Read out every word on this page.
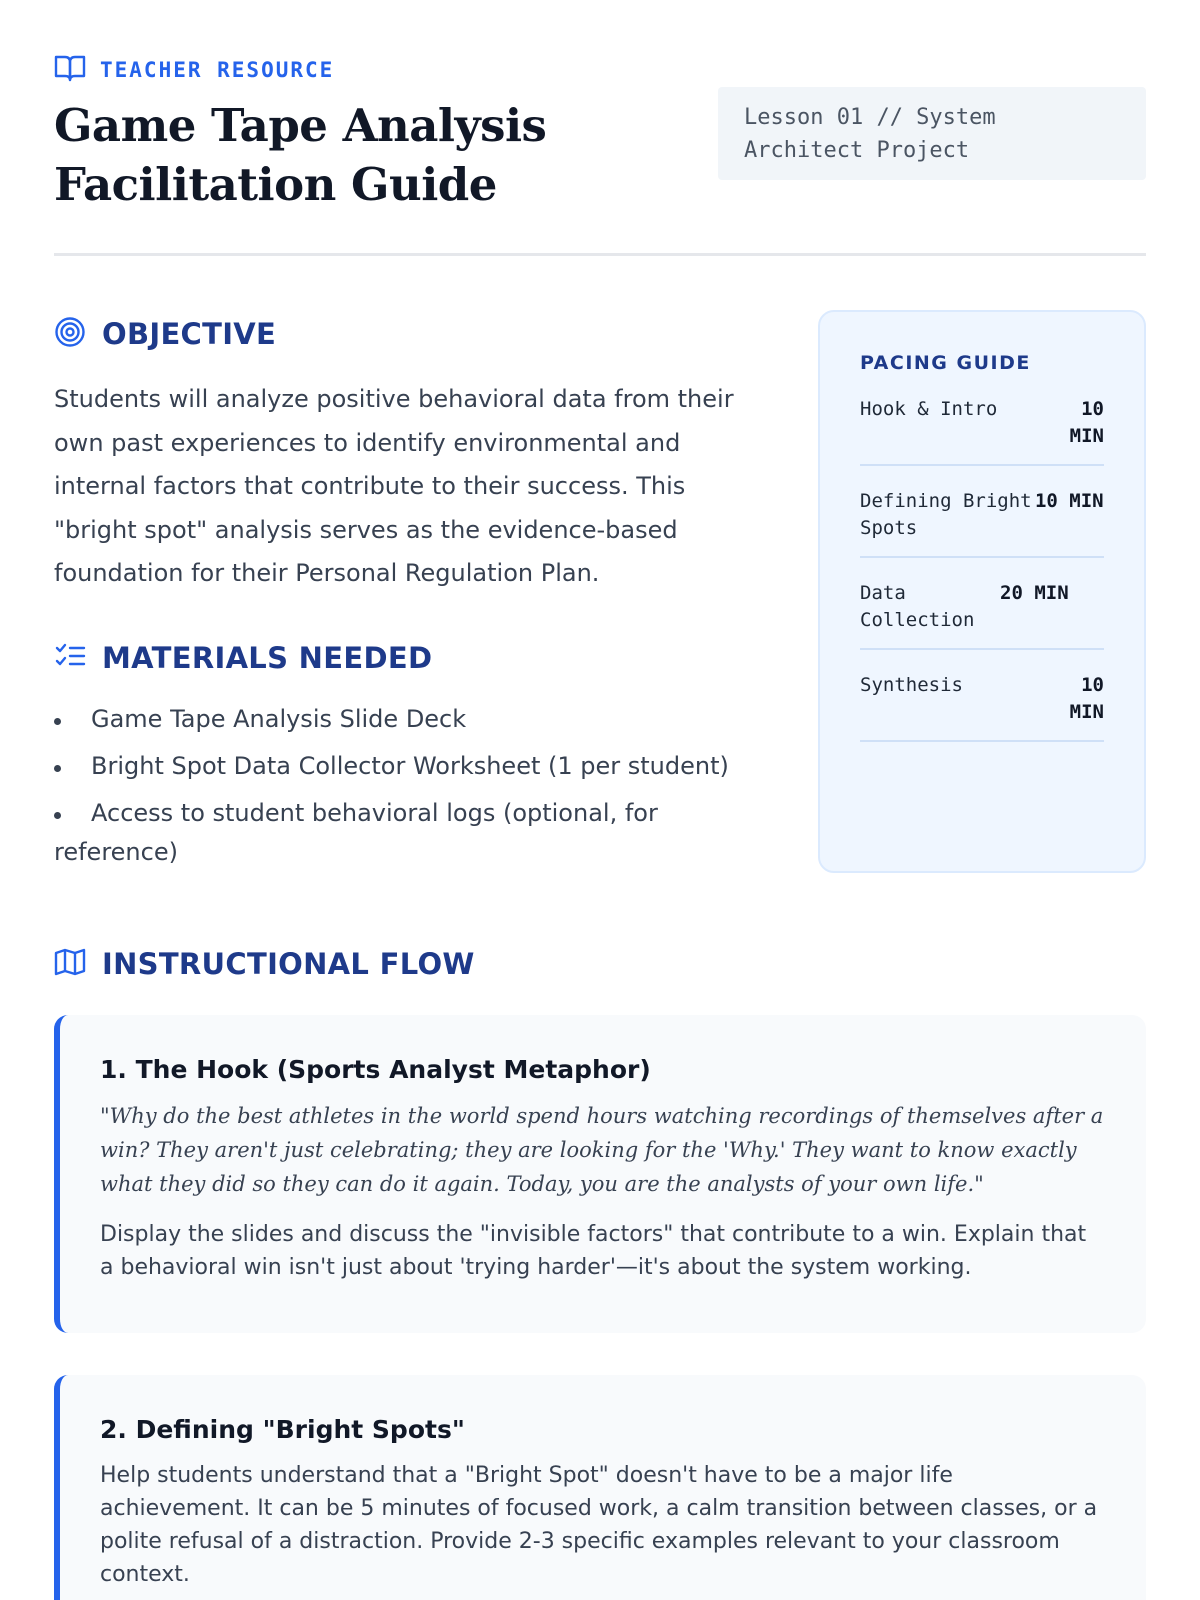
TEACHER RESOURCE
Game Tape Analysis Facilitation Guide
Lesson 01 // System Architect Project
OBJECTIVE

Students will analyze positive behavioral data from their own past experiences to identify environmental and internal factors that contribute to their success. This "bright spot" analysis serves as the evidence-based foundation for their Personal Regulation Plan.

MATERIALS NEEDED
Game Tape Analysis Slide Deck
Bright Spot Data Collector Worksheet (1 per student)
Access to student behavioral logs (optional, for reference)
PACING GUIDE
Hook & Intro	10 MIN
Defining Bright Spots
10 MIN
Data Collection
20 MIN
Synthesis	10 MIN
INSTRUCTIONAL FLOW
1. The Hook (Sports Analyst Metaphor)

"Why do the best athletes in the world spend hours watching recordings of themselves after a win? They aren't just celebrating; they are looking for the 'Why.' They want to know exactly what they did so they can do it again. Today, you are the analysts of your own life."

Display the slides and discuss the "invisible factors" that contribute to a win. Explain that a behavioral win isn't just about 'trying harder'—it's about the system working.

2. Defining "Bright Spots"

Help students understand that a "Bright Spot" doesn't have to be a major life achievement. It can be 5 minutes of focused work, a calm transition between classes, or a polite refusal of a distraction. Provide 2-3 specific examples relevant to your classroom context.
